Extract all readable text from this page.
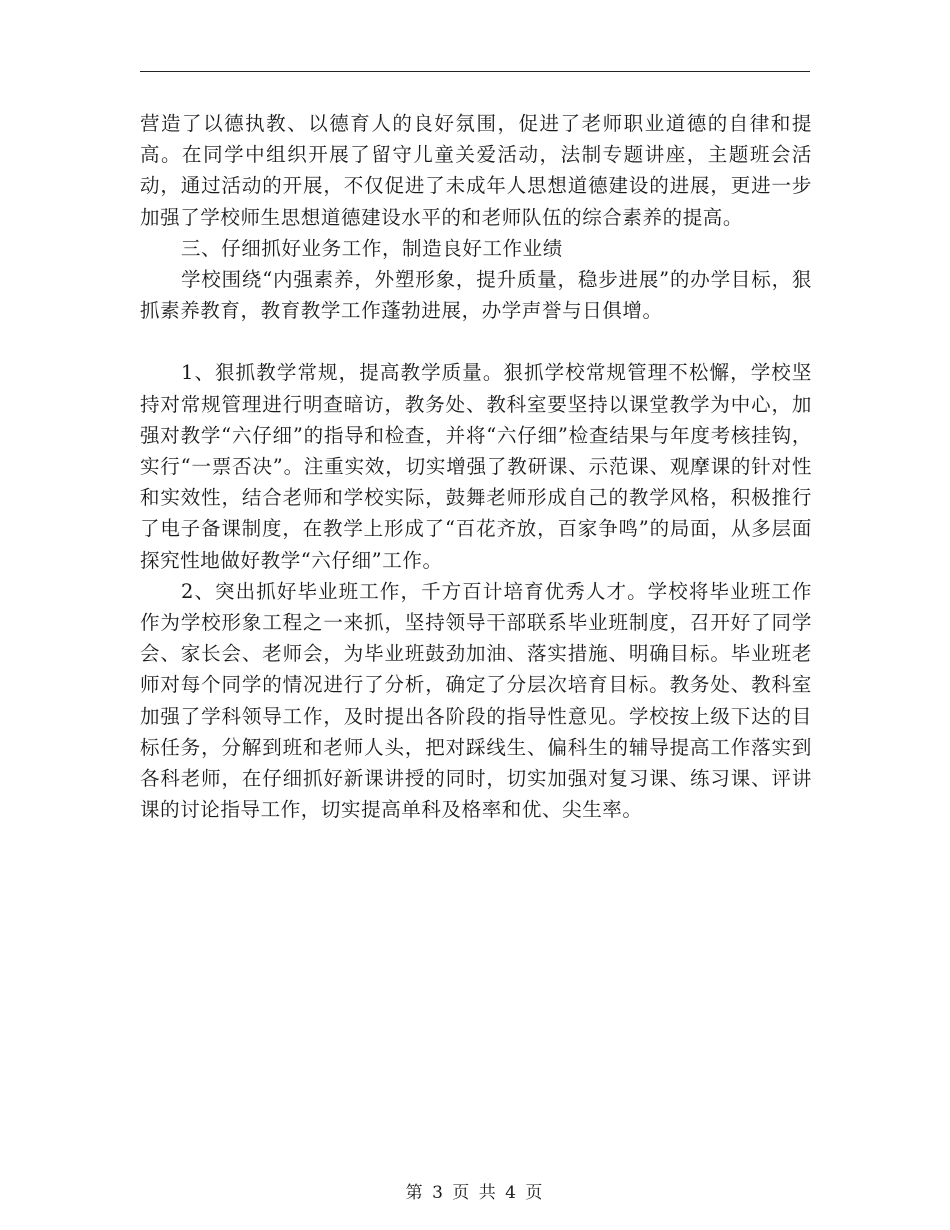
营造了以德执教、以德育人的良好氛围，促进了老师职业道德的自律和提高。在同学中组织开展了留守儿童关爱活动，法制专题讲座，主题班会活动，通过活动的开展，不仅促进了未成年人思想道德建设的进展，更进一步加强了学校师生思想道德建设水平的和老师队伍的综合素养的提高。

三、仔细抓好业务工作，制造良好工作业绩

学校围绕“内强素养，外塑形象，提升质量，稳步进展”的办学目标，狠抓素养教育，教育教学工作蓬勃进展，办学声誉与日俱增。

1、狠抓教学常规，提高教学质量。狠抓学校常规管理不松懈，学校坚持对常规管理进行明查暗访，教务处、教科室要坚持以课堂教学为中心，加强对教学“六仔细”的指导和检查，并将“六仔细”检查结果与年度考核挂钩，实行“一票否决”。注重实效，切实增强了教研课、示范课、观摩课的针对性和实效性，结合老师和学校实际，鼓舞老师形成自己的教学风格，积极推行了电子备课制度，在教学上形成了“百花齐放，百家争鸣”的局面，从多层面探究性地做好教学“六仔细”工作。

2、突出抓好毕业班工作，千方百计培育优秀人才。学校将毕业班工作作为学校形象工程之一来抓，坚持领导干部联系毕业班制度，召开好了同学会、家长会、老师会，为毕业班鼓劲加油、落实措施、明确目标。毕业班老师对每个同学的情况进行了分析，确定了分层次培育目标。教务处、教科室加强了学科领导工作，及时提出各阶段的指导性意见。学校按上级下达的目标任务，分解到班和老师人头，把对踩线生、偏科生的辅导提高工作落实到各科老师，在仔细抓好新课讲授的同时，切实加强对复习课、练习课、评讲课的讨论指导工作，切实提高单科及格率和优、尖生率。

第 3 页 共 4 页
